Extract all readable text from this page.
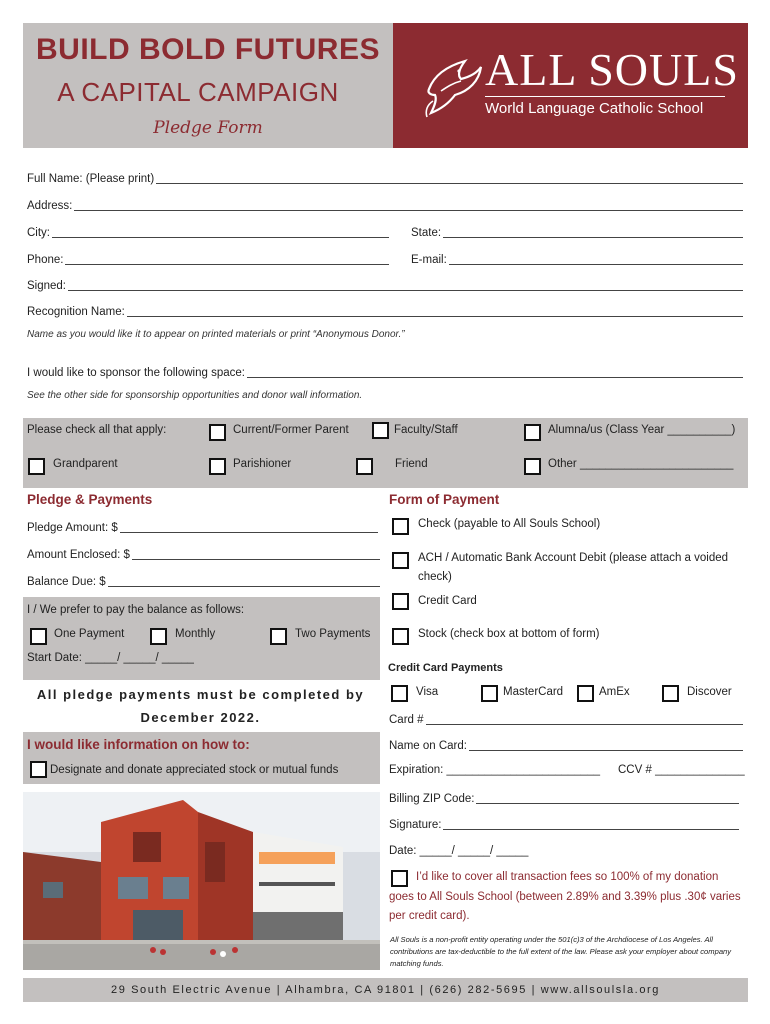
BUILD BOLD FUTURES
A CAPITAL CAMPAIGN
Pledge Form
ALL SOULS
World Language Catholic School
Full Name: (Please print)
Address:
City:	State:
Phone:	E-mail:
Signed:
Recognition Name:
Name as you would like it to appear on printed materials or print “Anonymous Donor.”
I would like to sponsor the following space:
See the other side for sponsorship opportunities and donor wall information.
Please check all that apply:	Current/Former Parent	Faculty/Staff	Alumna/us (Class Year __________)
Grandparent	Parishioner	Friend	Other ________________________
Pledge & Payments
Pledge Amount: $
Amount Enclosed: $
Balance Due: $
I / We prefer to pay the balance as follows:
One Payment	Monthly	Two Payments
Start Date: _____/ _____/ _____
All pledge payments must be completed by
December 2022.
I would like information on how to:
Designate and donate appreciated stock or mutual funds
Form of Payment
Check (payable to All Souls School)
ACH / Automatic Bank Account Debit (please attach a voided
check)
Credit Card
Stock (check box at bottom of form)
Credit Card Payments
Visa	MasterCard	AmEx	Discover
Card #
Name on Card:
Expiration: ________________________ CCV # ______________
Billing ZIP Code:
Signature:
Date: _____/ _____/ _____
I’d like to cover all transaction fees so 100% of my donation
goes to All Souls School (between 2.89% and 3.39% plus .30¢ varies
per credit card).
All Souls is a non-profit entity operating under the 501(c)3 of the Archdiocese of Los Angeles. All contributions are tax-deductible to the full extent of the law. Please ask your employer about company matching funds.
29 South Electric Avenue | Alhambra, CA 91801 | (626) 282-5695 | www.allsoulsla.org
